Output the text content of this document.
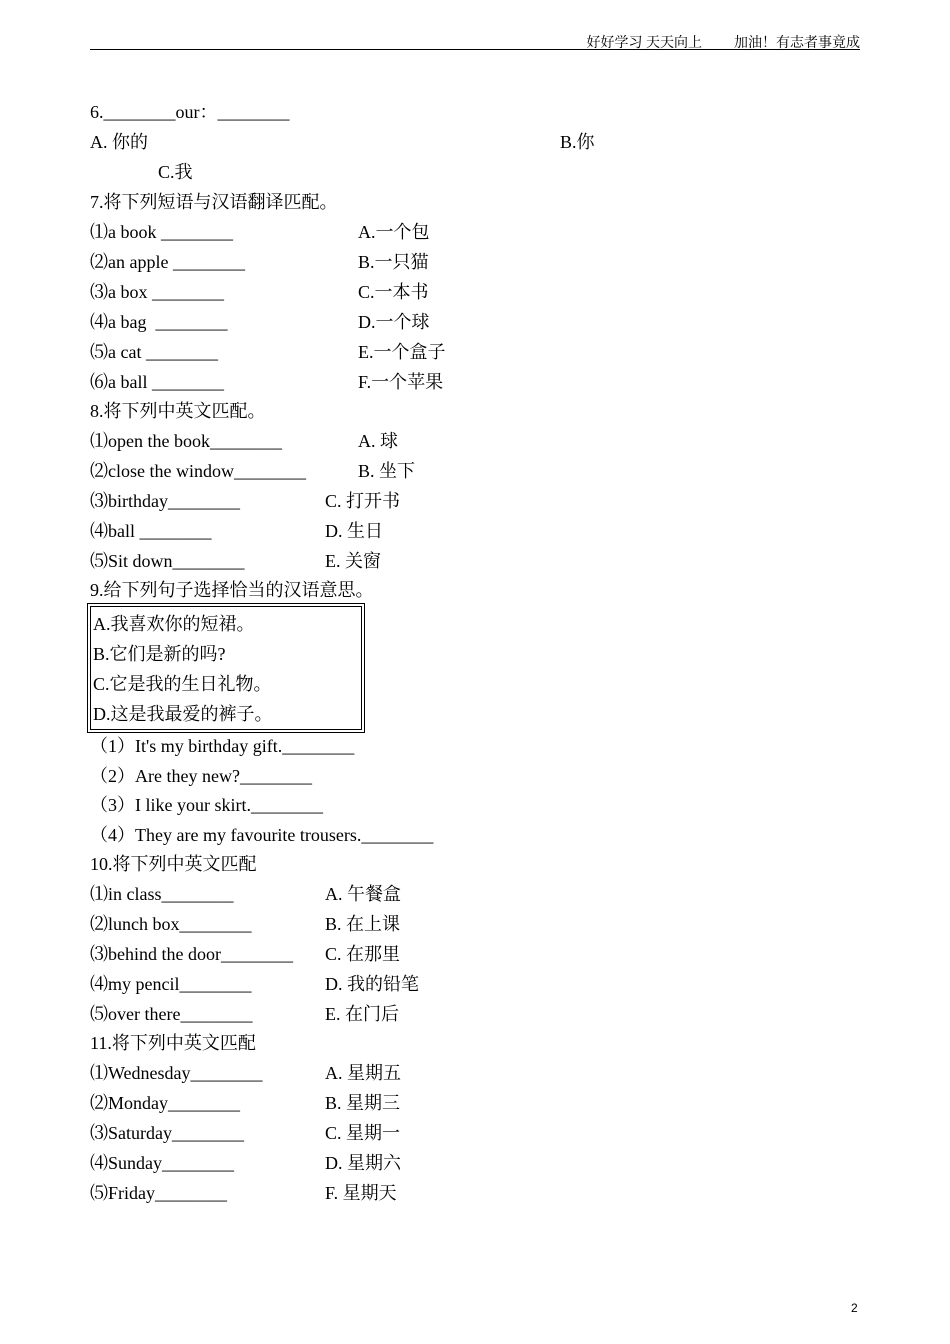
好好学习 天天向上 加油！有志者事竟成
6.________our：________
A. 你的	B.你
C.我
7.将下列短语与汉语翻译匹配。
⑴a book ________	A.一个包
⑵an apple ________	B.一只猫
⑶a box ________	C.一本书
⑷a bag  ________	D.一个球
⑸a cat ________	E.一个盒子
⑹a ball ________	F.一个苹果
8.将下列中英文匹配。
⑴open the book________	A. 球
⑵close the window________	B. 坐下
⑶birthday________	C. 打开书
⑷ball ________	D. 生日
⑸Sit down________	E. 关窗
9.给下列句子选择恰当的汉语意思。
A.我喜欢你的短裙。
B.它们是新的吗?
C.它是我的生日礼物。
D.这是我最爱的裤子。
（1）It's my birthday gift.________
（2）Are they new?________
（3）I like your skirt.________
（4）They are my favourite trousers.________
10.将下列中英文匹配
⑴in class________	A. 午餐盒
⑵lunch box________	B. 在上课
⑶behind the door________ C. 在那里
⑷my pencil________	D. 我的铅笔
⑸over there________	E. 在门后
11.将下列中英文匹配
⑴Wednesday________	A. 星期五
⑵Monday________	B. 星期三
⑶Saturday________	C. 星期一
⑷Sunday________	D. 星期六
⑸Friday________	F. 星期天
2
